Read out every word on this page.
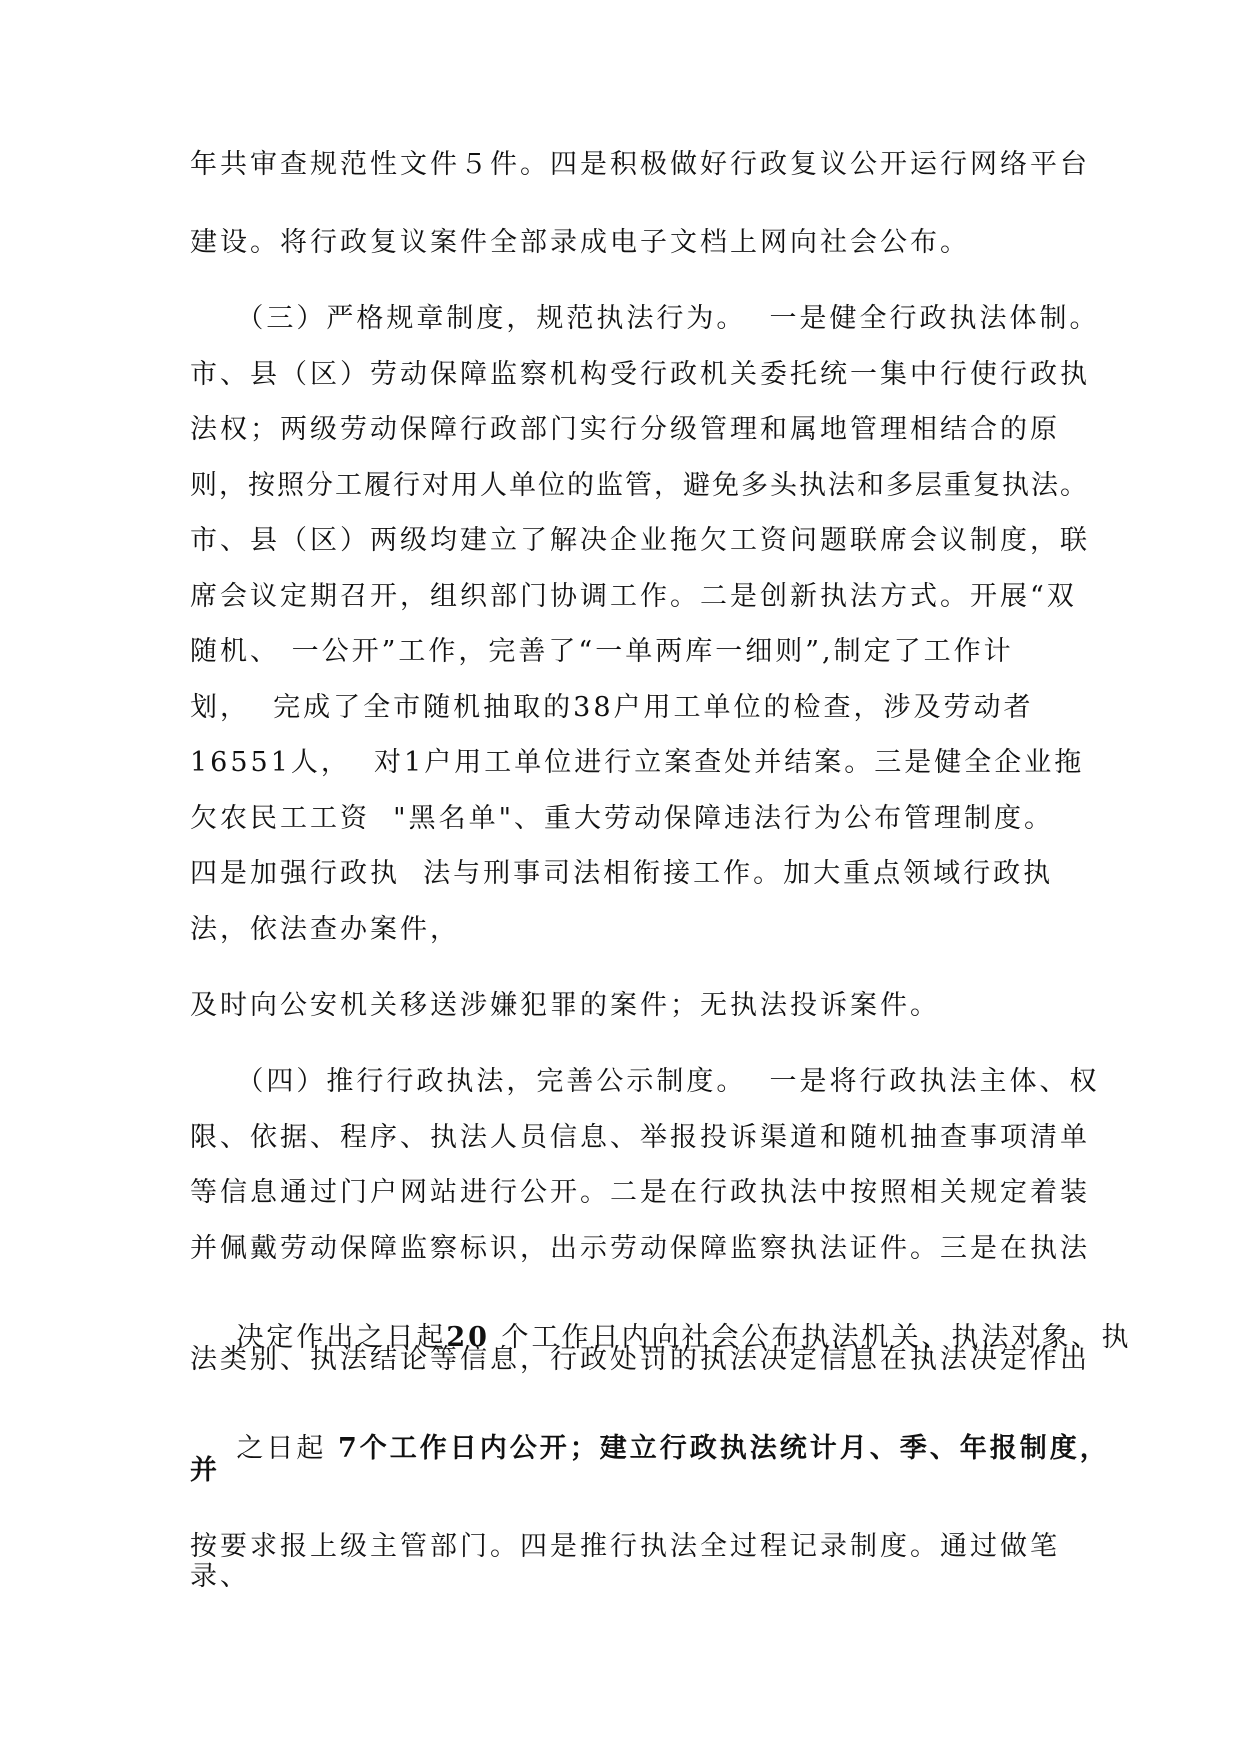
年共审查规范性文件５件。四是积极做好行政复议公开运行网络平台
建设。将行政复议案件全部录成电子文档上网向社会公布。
（三）严格规章制度，规范执法行为。  一是健全行政执法体制。
市、县（区）劳动保障监察机构受行政机关委托统一集中行使行政执
法权；两级劳动保障行政部门实行分级管理和属地管理相结合的原
则，按照分工履行对用人单位的监管，避免多头执法和多层重复执法。
市、县（区）两级均建立了解决企业拖欠工资问题联席会议制度，联
席会议定期召开，组织部门协调工作。二是创新执法方式。开展“双
随机、 一公开”工作，完善了“一单两库一细则”,制定了工作计
划，  完成了全市随机抽取的38户用工单位的检查，涉及劳动者
16551人，  对1户用工单位进行立案查处并结案。三是健全企业拖
欠农民工工资  "黑名单"、重大劳动保障违法行为公布管理制度。
四是加强行政执  法与刑事司法相衔接工作。加大重点领域行政执
法，依法查办案件，
及时向公安机关移送涉嫌犯罪的案件；无执法投诉案件。
（四）推行行政执法，完善公示制度。  一是将行政执法主体、权
限、依据、程序、执法人员信息、举报投诉渠道和随机抽查事项清单
等信息通过门户网站进行公开。二是在行政执法中按照相关规定着装
并佩戴劳动保障监察标识，出示劳动保障监察执法证件。三是在执法

决定作出之日起20 个工作日内向社会公布执法机关、执法对象、执

法类别、执法结论等信息，行政处罚的执法决定信息在执法决定作出

之日起 7个工作日内公开；建立行政执法统计月、季、年报制度，

并
按要求报上级主管部门。四是推行执法全过程记录制度。通过做笔
录、
